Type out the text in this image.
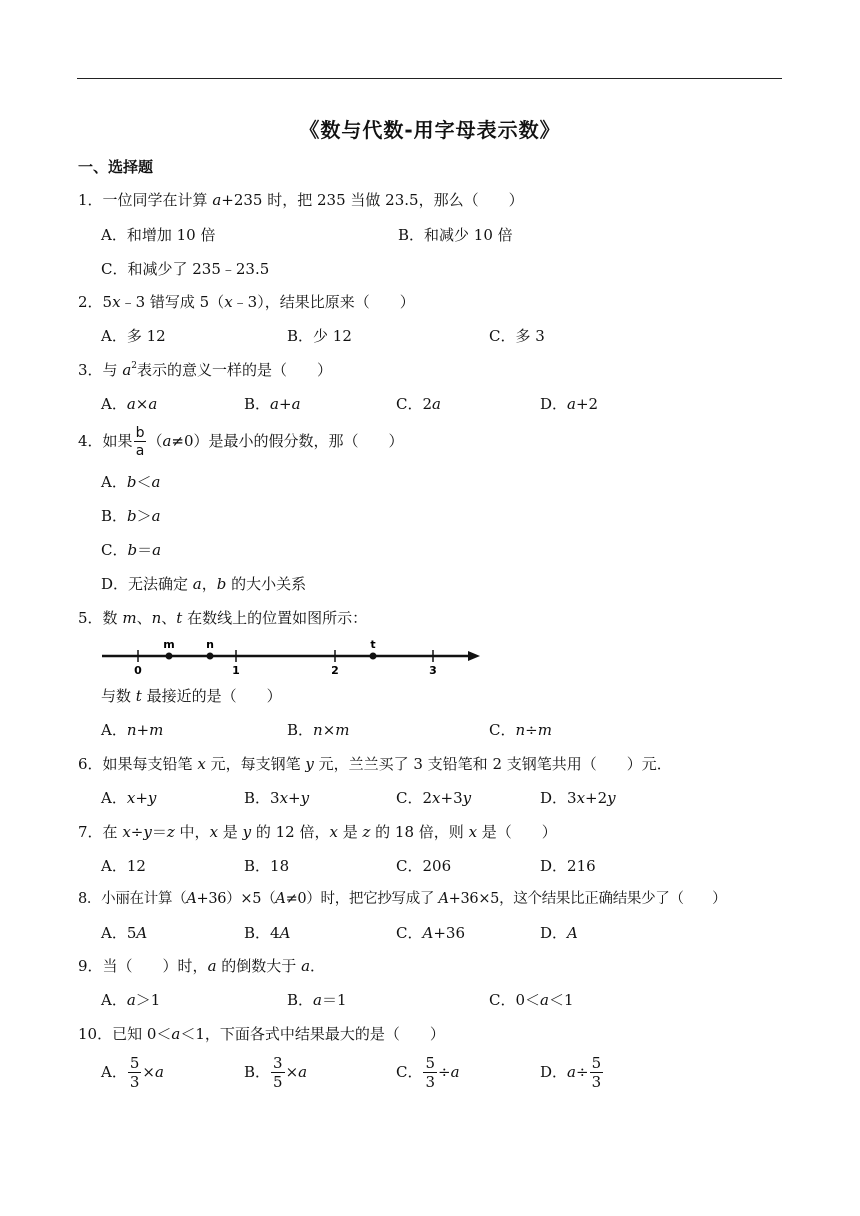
《数与代数-用字母表示数》
一、选择题
1．一位同学在计算 a+235 时，把 235 当做 23.5，那么（　　）
A．和增加 10 倍	B．和减少 10 倍
C．和减少了 235﹣23.5
2．5x﹣3 错写成 5（x﹣3），结果比原来（　　）
A．多 12	B．少 12	C．多 3
3．与 $a^2$表示的意义一样的是（　　）
A．a×a	B．a+a	C．2a	D．a+2
4．如果 $\frac{b}{a} (a\ne 0)$是最小的假分数，那（　　）
A．b＜a
B．b＞a
C．b＝a
D．无法确定 a，b 的大小关系
5．数 m、n、t 在数线上的位置如图所示：
m	n	t
0	1	2	3
与数 t 最接近的是（　　）
A．n+m	B．n×m	C．n÷m
6．如果每支铅笔 x 元，每支钢笔 y 元，兰兰买了 3 支铅笔和 2 支钢笔共用（　　）元．
A．x+y	B．3x+y	C．2x+3y	D．3x+2y
7．在 x÷y＝z 中，x 是 y 的 12 倍，x 是 z 的 18 倍，则 x 是（　　）
A．12	B．18	C．206	D．216
8．小丽在计算（A+36）×5（A≠0）时，把它抄写成了 A+36×5，这个结果比正确结果少了（　　）
A．5A	B．4A	C．A+36	D．A
9．当（　　）时，a 的倒数大于 a．
A．a＞1	B．a＝1	C．0＜a＜1
10．已知 0＜a＜1，下面各式中结果最大的是（　　）
A． $\frac{5}{3} \times a$	B． $\frac{3}{5} \times a$	C． $\frac{5}{3} \div a$	D．$a\div \frac{5}{3}$
